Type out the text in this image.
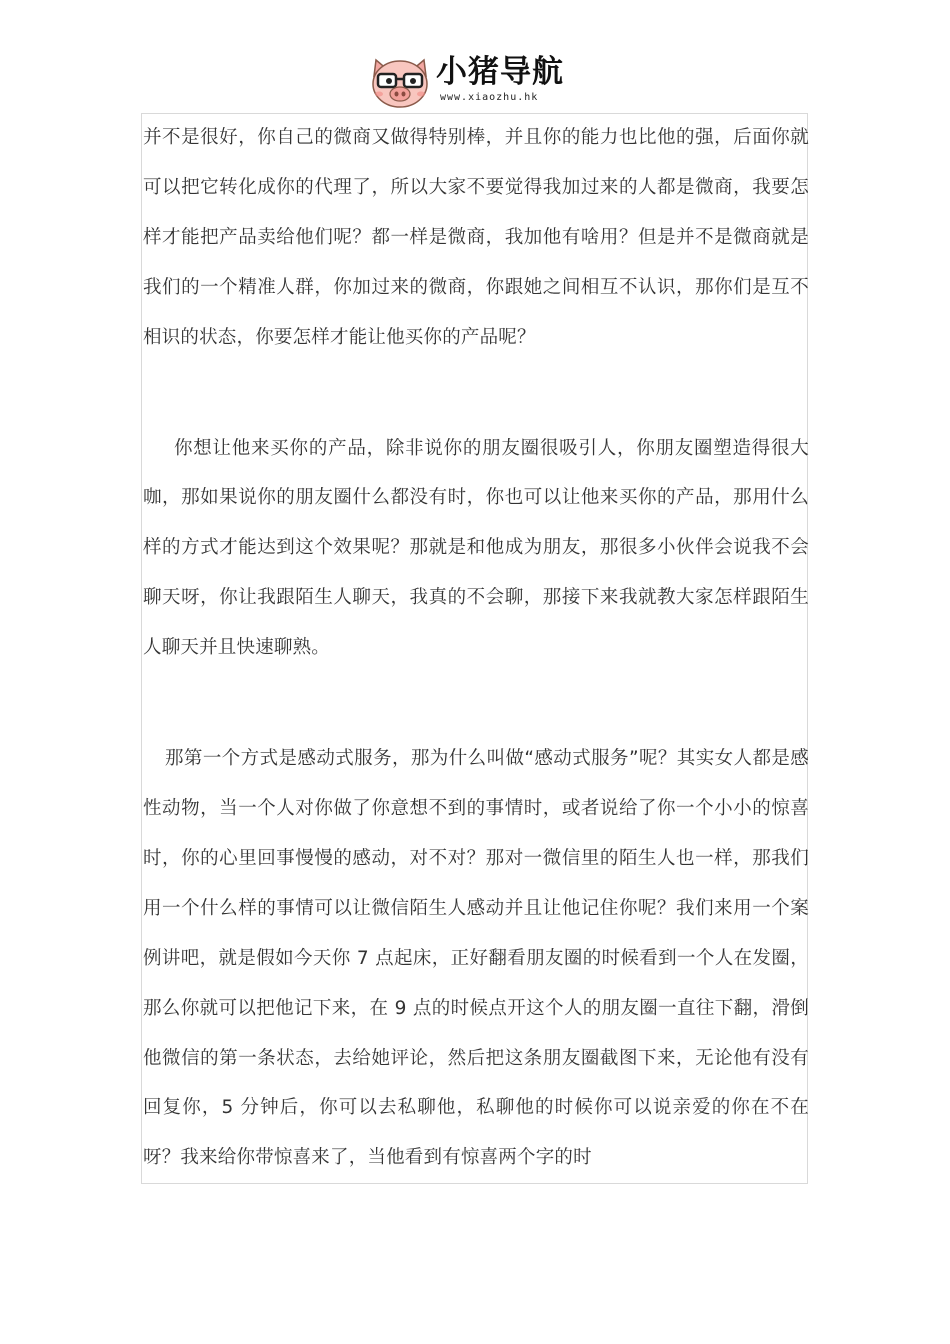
小猪导航
www.xiaozhu.hk

并不是很好，你自己的微商又做得特别棒，并且你的能力也比他的强，后面你就可以把它转化成你的代理了，所以大家不要觉得我加过来的人都是微商，我要怎样才能把产品卖给他们呢？都一样是微商，我加他有啥用？但是并不是微商就是我们的一个精准人群，你加过来的微商，你跟她之间相互不认识，那你们是互不相识的状态，你要怎样才能让他买你的产品呢？

你想让他来买你的产品，除非说你的朋友圈很吸引人，你朋友圈塑造得很大咖，那如果说你的朋友圈什么都没有时，你也可以让他来买你的产品，那用什么样的方式才能达到这个效果呢？那就是和他成为朋友，那很多小伙伴会说我不会聊天呀，你让我跟陌生人聊天，我真的不会聊，那接下来我就教大家怎样跟陌生人聊天并且快速聊熟。

那第一个方式是感动式服务，那为什么叫做“感动式服务”呢？其实女人都是感性动物，当一个人对你做了你意想不到的事情时，或者说给了你一个小小的惊喜时，你的心里回事慢慢的感动，对不对？那对一微信里的陌生人也一样，那我们用一个什么样的事情可以让微信陌生人感动并且让他记住你呢？我们来用一个案例讲吧，就是假如今天你 7 点起床，正好翻看朋友圈的时候看到一个人在发圈，那么你就可以把他记下来，在 9 点的时候点开这个人的朋友圈一直往下翻，滑倒他微信的第一条状态，去给她评论，然后把这条朋友圈截图下来，无论他有没有回复你，5 分钟后，你可以去私聊他，私聊他的时候你可以说亲爱的你在不在呀？我来给你带惊喜来了，当他看到有惊喜两个字的时
